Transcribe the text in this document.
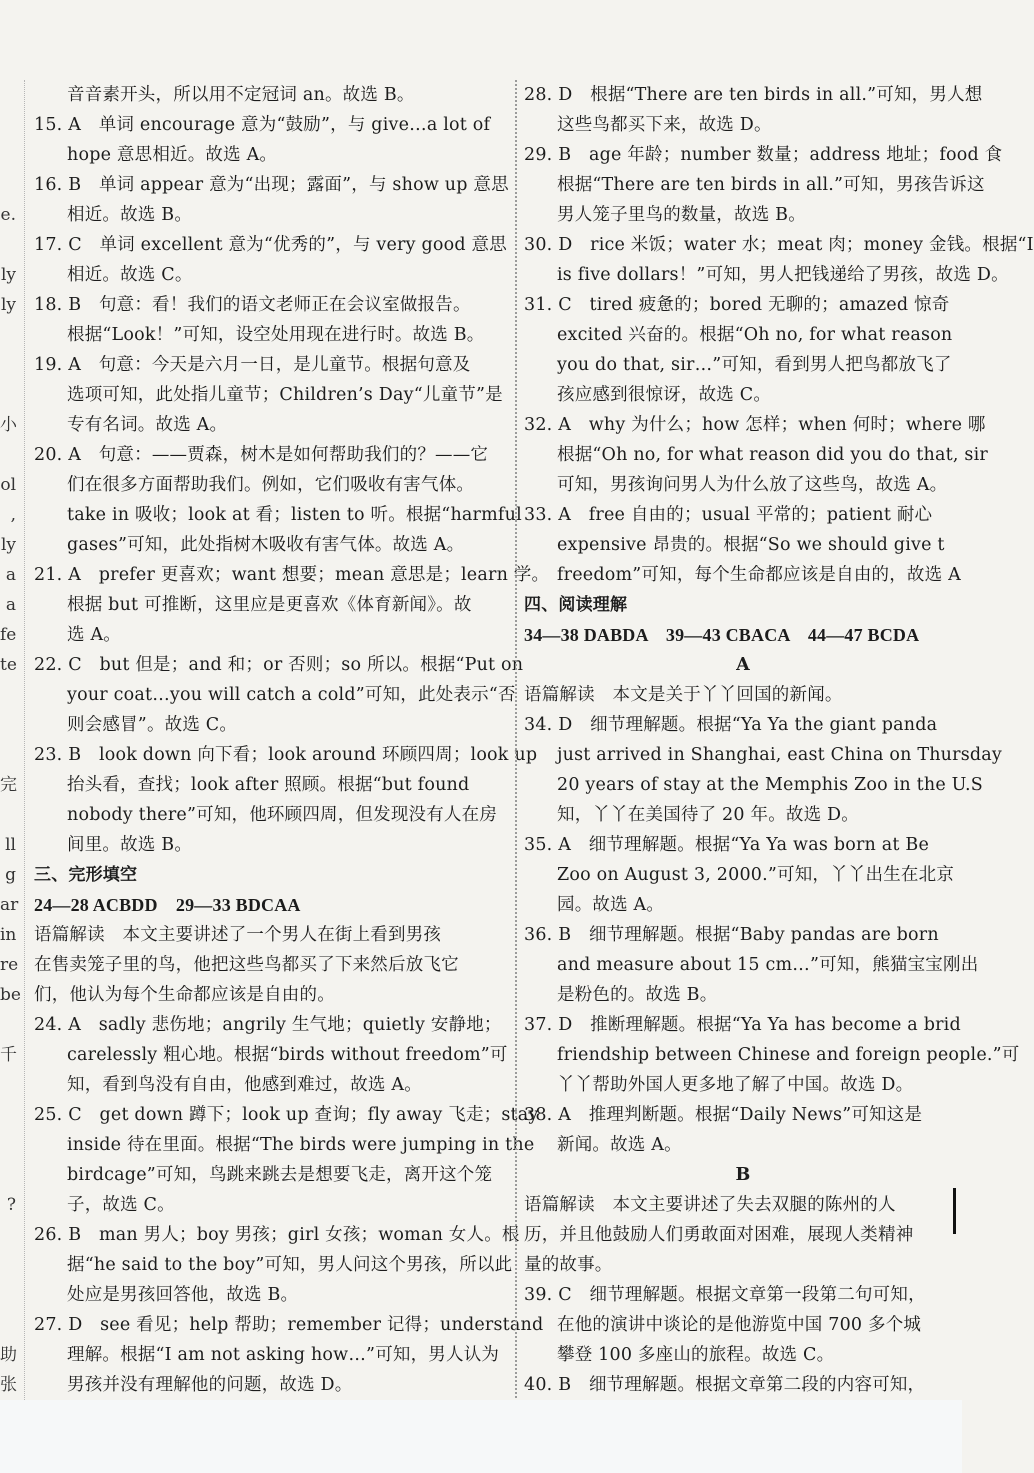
e.
ly
ly
小
ol
,
ly
a
a
fe
te
完
ll
g
ar
in
re
be
千
?
助
张
音音素开头，所以用不定冠词 an。故选 B。
15. A　单词 encourage 意为“鼓励”，与 give…a lot of
hope 意思相近。故选 A。
16. B　单词 appear 意为“出现；露面”，与 show up 意思
相近。故选 B。
17. C　单词 excellent 意为“优秀的”，与 very good 意思
相近。故选 C。
18. B　句意：看！我们的语文老师正在会议室做报告。
根据“Look！”可知，设空处用现在进行时。故选 B。
19. A　句意：今天是六月一日，是儿童节。根据句意及
选项可知，此处指儿童节；Children’s Day“儿童节”是
专有名词。故选 A。
20. A　句意：——贾森，树木是如何帮助我们的？——它
们在很多方面帮助我们。例如，它们吸收有害气体。
take in 吸收；look at 看；listen to 听。根据“harmful
gases”可知，此处指树木吸收有害气体。故选 A。
21. A　prefer 更喜欢；want 想要；mean 意思是；learn 学。
根据 but 可推断，这里应是更喜欢《体育新闻》。故
选 A。
22. C　but 但是；and 和；or 否则；so 所以。根据“Put on
your coat…you will catch a cold”可知，此处表示“否
则会感冒”。故选 C。
23. B　look down 向下看；look around 环顾四周；look up
抬头看，查找；look after 照顾。根据“but found
nobody there”可知，他环顾四周，但发现没有人在房
间里。故选 B。
三、完形填空
24—28 ACBDD　29—33 BDCAA
语篇解读　本文主要讲述了一个男人在街上看到男孩
在售卖笼子里的鸟，他把这些鸟都买了下来然后放飞它
们，他认为每个生命都应该是自由的。
24. A　sadly 悲伤地；angrily 生气地；quietly 安静地；
carelessly 粗心地。根据“birds without freedom”可
知，看到鸟没有自由，他感到难过，故选 A。
25. C　get down 蹲下；look up 查询；fly away 飞走；stay
inside 待在里面。根据“The birds were jumping in the
birdcage”可知，鸟跳来跳去是想要飞走，离开这个笼
子，故选 C。
26. B　man 男人；boy 男孩；girl 女孩；woman 女人。根
据“he said to the boy”可知，男人问这个男孩，所以此
处应是男孩回答他，故选 B。
27. D　see 看见；help 帮助；remember 记得；understand
理解。根据“I am not asking how…”可知，男人认为
男孩并没有理解他的问题，故选 D。
28. D　根据“There are ten birds in all.”可知，男人想
这些鸟都买下来，故选 D。
29. B　age 年龄；number 数量；address 地址；food 食
根据“There are ten birds in all.”可知，男孩告诉这
男人笼子里鸟的数量，故选 B。
30. D　rice 米饭；water 水；meat 肉；money 金钱。根据“I
is five dollars！”可知，男人把钱递给了男孩，故选 D。
31. C　tired 疲惫的；bored 无聊的；amazed 惊奇
excited 兴奋的。根据“Oh no, for what reason
you do that, sir…”可知，看到男人把鸟都放飞了
孩应感到很惊讶，故选 C。
32. A　why 为什么；how 怎样；when 何时；where 哪
根据“Oh no, for what reason did you do that, sir
可知，男孩询问男人为什么放了这些鸟，故选 A。
33. A　free 自由的；usual 平常的；patient 耐心
expensive 昂贵的。根据“So we should give t
freedom”可知，每个生命都应该是自由的，故选 A
四、阅读理解
34—38 DABDA　39—43 CBACA　44—47 BCDA
A
语篇解读　本文是关于丫丫回国的新闻。
34. D　细节理解题。根据“Ya Ya the giant panda
just arrived in Shanghai, east China on Thursday
20 years of stay at the Memphis Zoo in the U.S
知，丫丫在美国待了 20 年。故选 D。
35. A　细节理解题。根据“Ya Ya was born at Be
Zoo on August 3, 2000.”可知，丫丫出生在北京
园。故选 A。
36. B　细节理解题。根据“Baby pandas are born
and measure about 15 cm…”可知，熊猫宝宝刚出
是粉色的。故选 B。
37. D　推断理解题。根据“Ya Ya has become a brid
friendship between Chinese and foreign people.”可
丫丫帮助外国人更多地了解了中国。故选 D。
38. A　推理判断题。根据“Daily News”可知这是
新闻。故选 A。
B
语篇解读　本文主要讲述了失去双腿的陈州的人
历，并且他鼓励人们勇敢面对困难，展现人类精神
量的故事。
39. C　细节理解题。根据文章第一段第二句可知，
在他的演讲中谈论的是他游览中国 700 多个城
攀登 100 多座山的旅程。故选 C。
40. B　细节理解题。根据文章第二段的内容可知，
